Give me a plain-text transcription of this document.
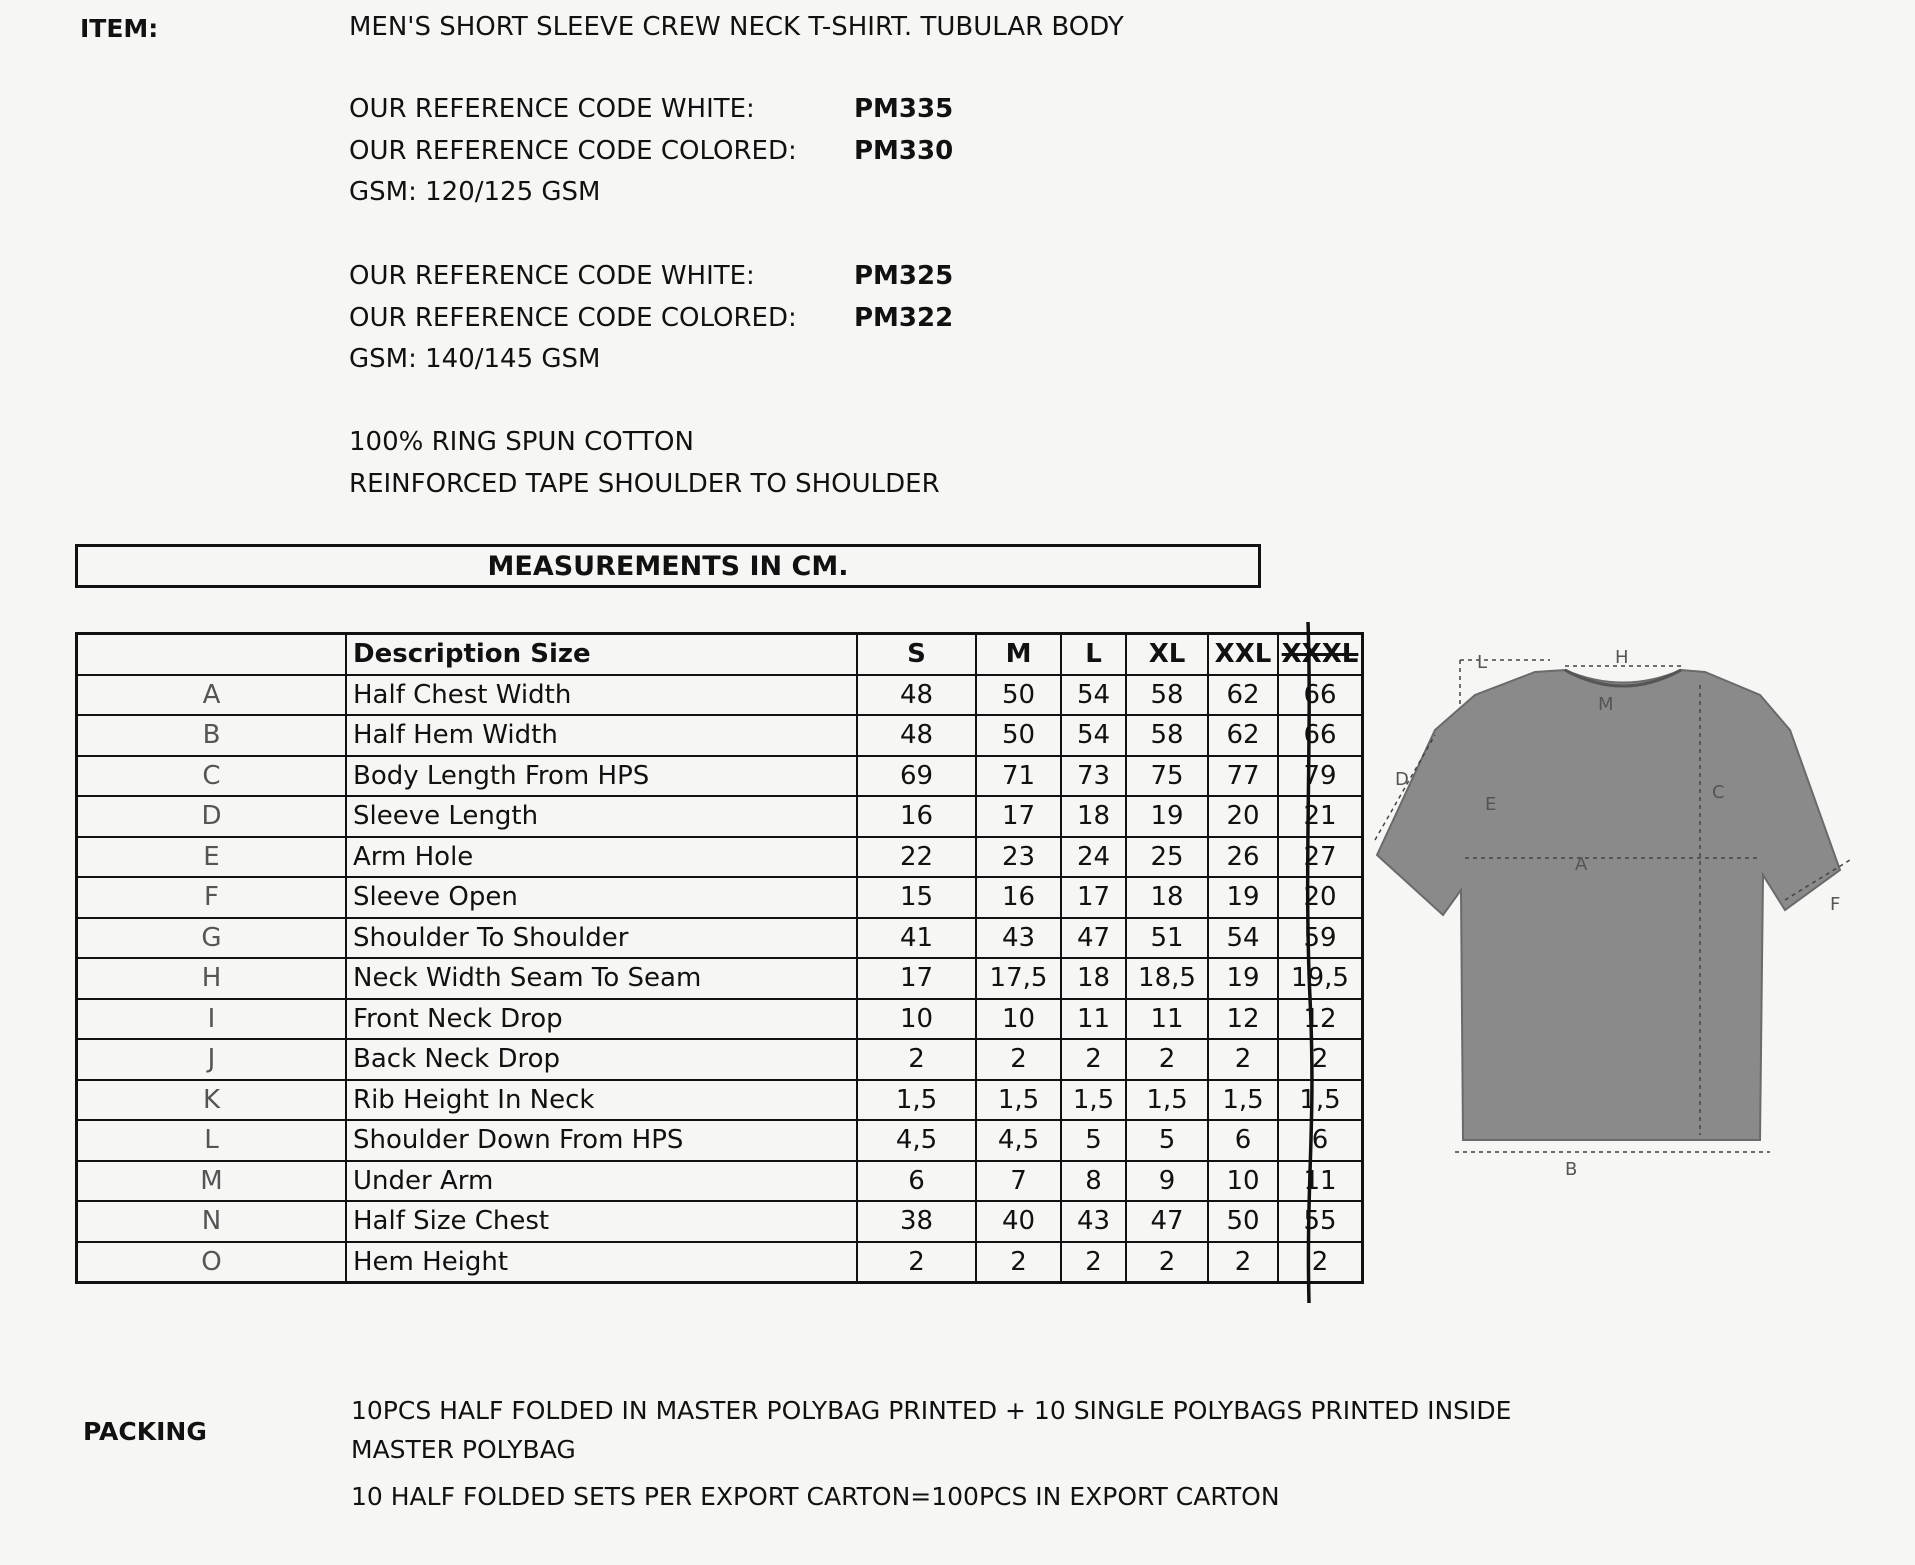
ITEM:	MEN'S SHORT SLEEVE CREW NECK T-SHIRT. TUBULAR BODY
OUR REFERENCE CODE WHITE:	PM335
OUR REFERENCE CODE COLORED: PM330
GSM: 120/125 GSM
OUR REFERENCE CODE WHITE:	PM325
OUR REFERENCE CODE COLORED: PM322
GSM: 140/145 GSM
100% RING SPUN COTTON
REINFORCED TAPE SHOULDER TO SHOULDER
MEASUREMENTS IN CM.
	Description Size	S	M	L	XL	XXL	XXXL
A	Half Chest Width	48	50	54	58	62	66
B	Half Hem Width	48	50	54	58	62	66
C	Body Length From HPS	69	71	73	75	77	79
D	Sleeve Length	16	17	18	19	20	21
E	Arm Hole	22	23	24	25	26	27
F	Sleeve Open	15	16	17	18	19	20
G	Shoulder To Shoulder	41	43	47	51	54	59
H	Neck Width Seam To Seam	17	17,5	18	18,5	19	19,5
I	Front Neck Drop	10	10	11	11	12	12
J	Back Neck Drop	2	2	2	2	2	2
K	Rib Height In Neck	1,5	1,5	1,5	1,5	1,5	1,5
L	Shoulder Down From HPS	4,5	4,5	5	5	6	6
M	Under Arm	6	7	8	9	10	11
N	Half Size Chest	38	40	43	47	50	55
O	Hem Height	2	2	2	2	2	2
L	H
M
C
D
A
E
F
B
PACKING
10PCS HALF FOLDED IN MASTER POLYBAG PRINTED + 10 SINGLE POLYBAGS PRINTED INSIDE
MASTER POLYBAG
10 HALF FOLDED SETS PER EXPORT CARTON=100PCS IN EXPORT CARTON
